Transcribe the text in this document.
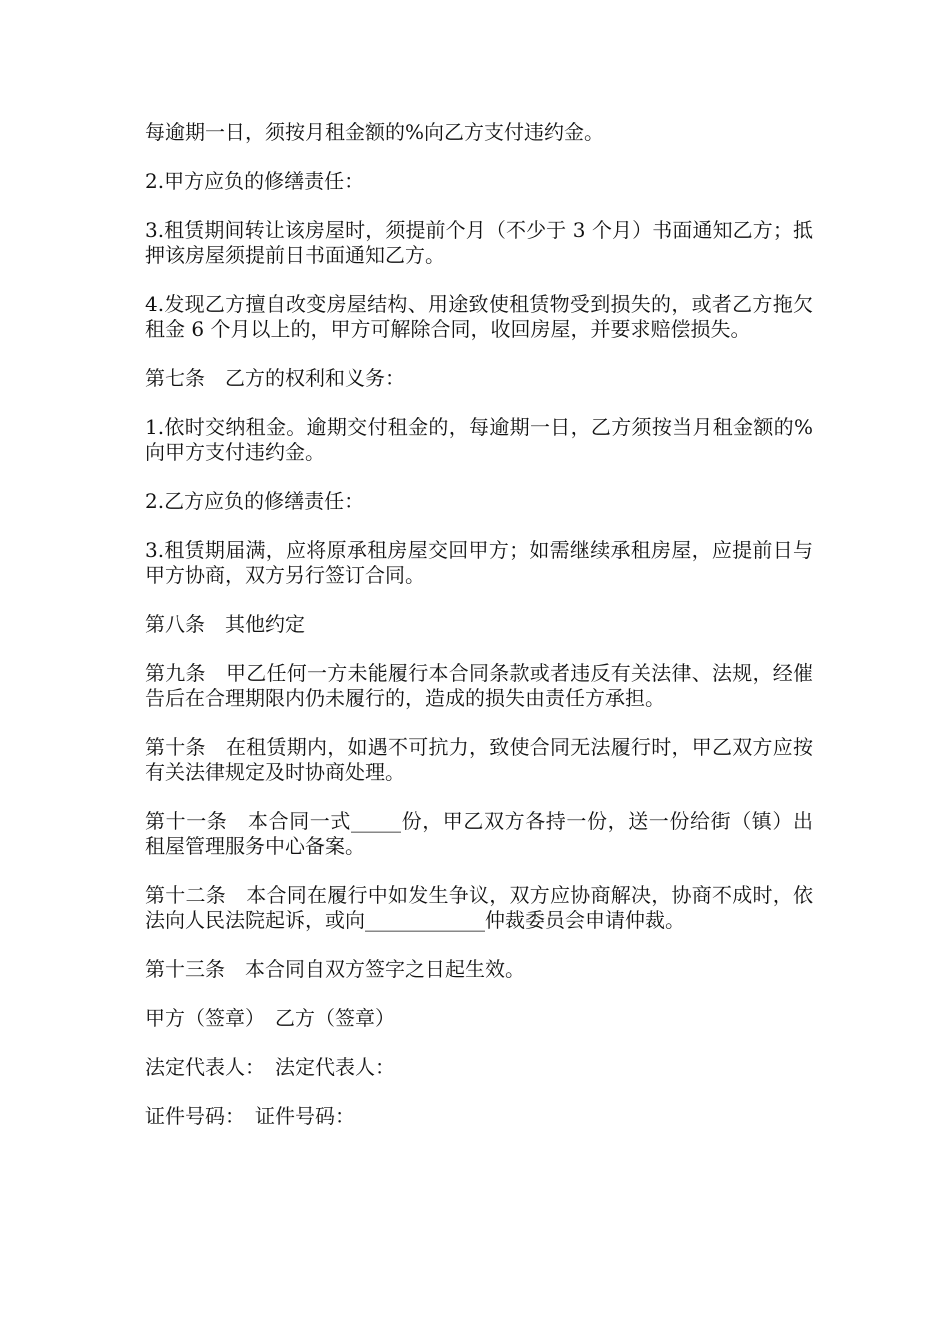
每逾期一日，须按月租金额的%向乙方支付违约金。

2.甲方应负的修缮责任：

3.租赁期间转让该房屋时，须提前个月（不少于 3 个月）书面通知乙方；抵押该房屋须提前日书面通知乙方。

4.发现乙方擅自改变房屋结构、用途致使租赁物受到损失的，或者乙方拖欠租金 6 个月以上的，甲方可解除合同，收回房屋，并要求赔偿损失。

第七条　乙方的权利和义务：

1.依时交纳租金。逾期交付租金的，每逾期一日，乙方须按当月租金额的%向甲方支付违约金。

2.乙方应负的修缮责任：

3.租赁期届满，应将原承租房屋交回甲方；如需继续承租房屋，应提前日与甲方协商，双方另行签订合同。

第八条　其他约定

第九条　甲乙任何一方未能履行本合同条款或者违反有关法律、法规，经催告后在合理期限内仍未履行的，造成的损失由责任方承担。

第十条　在租赁期内，如遇不可抗力，致使合同无法履行时，甲乙双方应按有关法律规定及时协商处理。

第十一条　本合同一式_____份，甲乙双方各持一份，送一份给街（镇）出租屋管理服务中心备案。

第十二条　本合同在履行中如发生争议，双方应协商解决，协商不成时，依法向人民法院起诉，或向____________仲裁委员会申请仲裁。

第十三条　本合同自双方签字之日起生效。

甲方（签章）　乙方（签章）

法定代表人：　法定代表人：

证件号码：　证件号码：
